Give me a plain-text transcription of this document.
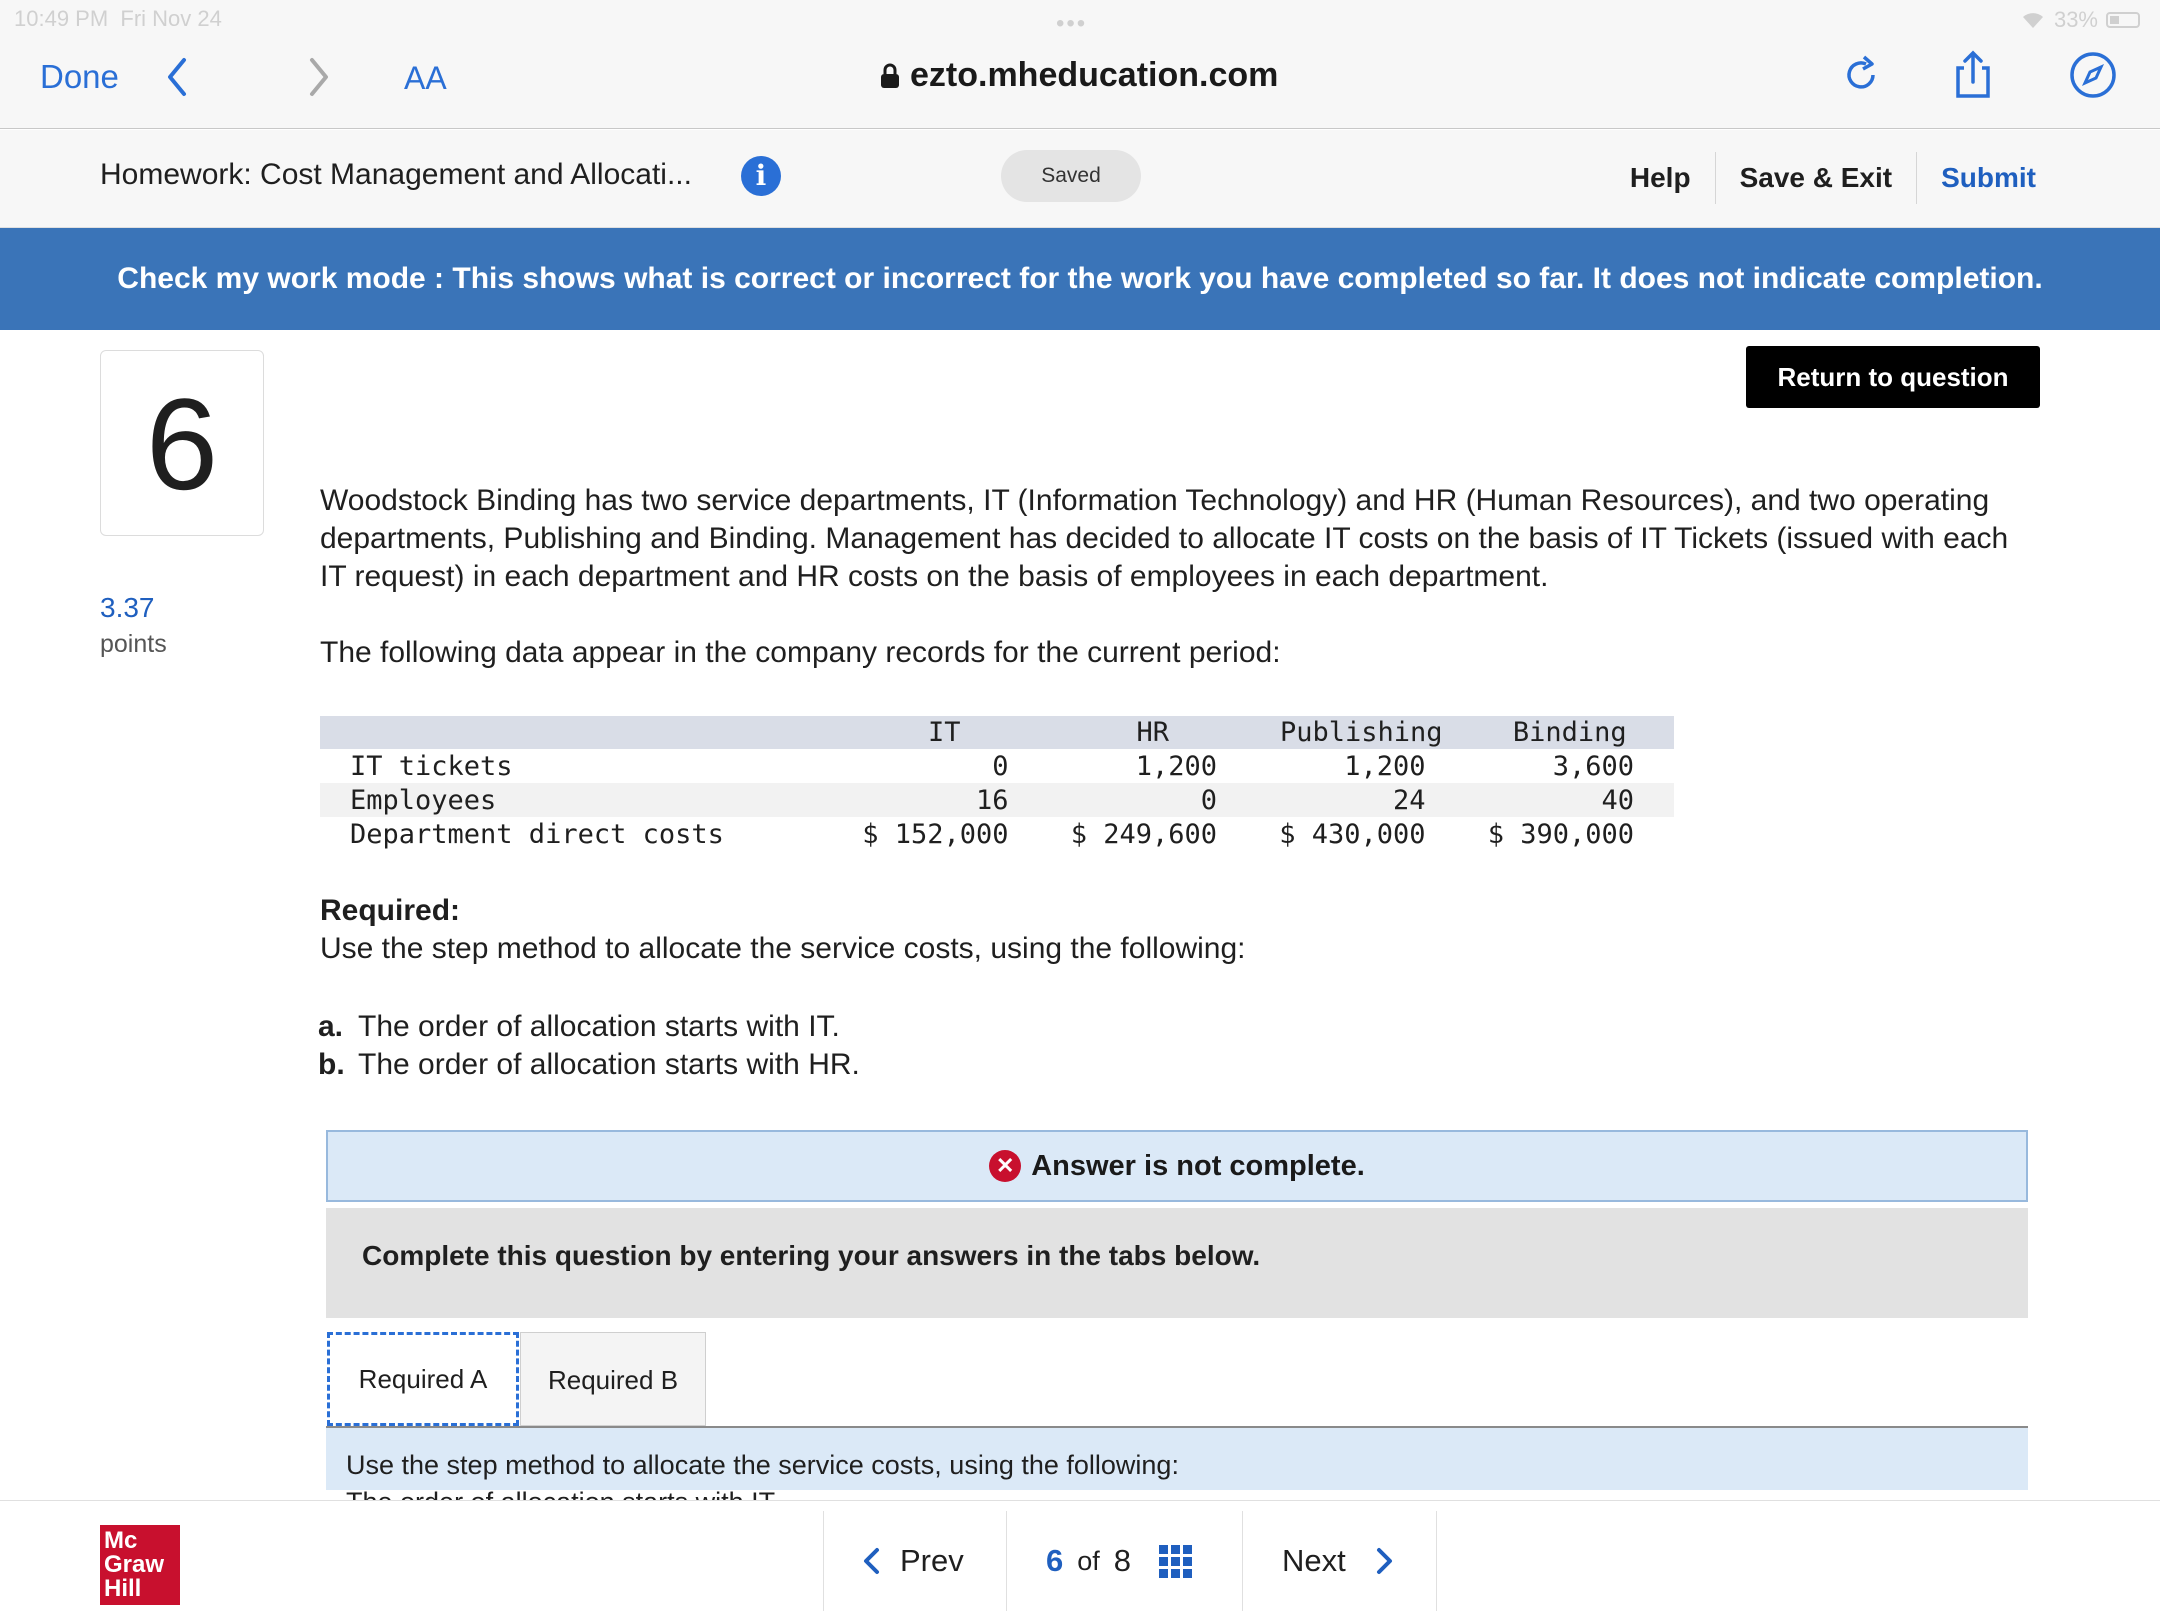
10:49 PM Fri Nov 24	•••	33%
Done	AA	ezto.mheducation.com
Homework: Cost Management and Allocati...	i	Saved	Help	Save & Exit	Submit
Check my work mode : This shows what is correct or incorrect for the work you have completed so far. It does not indicate completion.
6
3.37
points
Return to question
Woodstock Binding has two service departments, IT (Information Technology) and HR (Human Resources), and two operating departments, Publishing and Binding. Management has decided to allocate IT costs on the basis of IT Tickets (issued with each IT request) in each department and HR costs on the basis of employees in each department.
The following data appear in the company records for the current period:
	IT	HR	Publishing	Binding
IT tickets	0	1,200	1,200	3,600
Employees	16	0	24	40
Department direct costs	$ 152,000	$ 249,600	$ 430,000	$ 390,000
Required:
Use the step method to allocate the service costs, using the following:
a. The order of allocation starts with IT.
b. The order of allocation starts with HR.
✕ Answer is not complete.
Complete this question by entering your answers in the tabs below.
Required A	Required B
Use the step method to allocate the service costs, using the following:
Mc
Graw
Hill
Prev	6 of 8	Next
